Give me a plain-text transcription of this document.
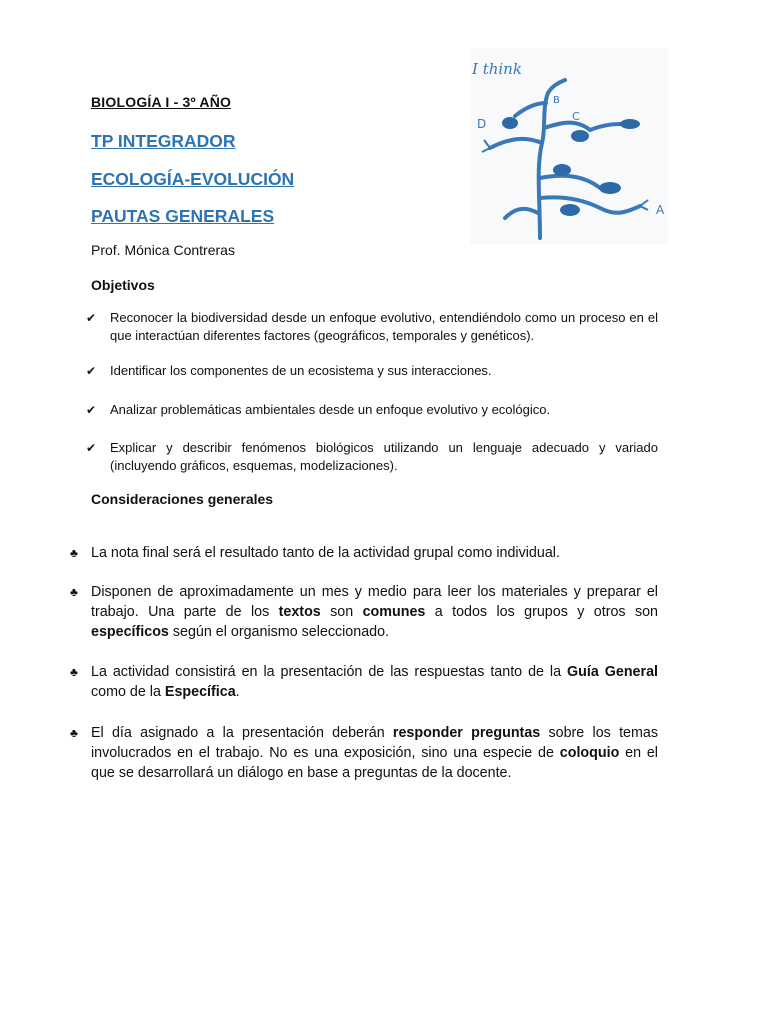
BIOLOGÍA I - 3º AÑO
TP INTEGRADOR
ECOLOGÍA-EVOLUCIÓN
PAUTAS GENERALES
Prof. Mónica Contreras
I think
D
C
B
A
Objetivos
✔ Reconocer la biodiversidad desde un enfoque evolutivo, entendiéndolo como un proceso en el que interactúan diferentes factores (geográficos, temporales y genéticos).
✔ Identificar los componentes de un ecosistema y sus interacciones.
✔ Analizar problemáticas ambientales desde un enfoque evolutivo y ecológico.
✔ Explicar y describir fenómenos biológicos utilizando un lenguaje adecuado y variado (incluyendo gráficos, esquemas, modelizaciones).
Consideraciones generales
♣ La nota final será el resultado tanto de la actividad grupal como individual.
♣ Disponen de aproximadamente un mes y medio para leer los materiales y preparar el trabajo. Una parte de los textos son comunes a todos los grupos y otros son específicos según el organismo seleccionado.
♣ La actividad consistirá en la presentación de las respuestas tanto de la Guía General como de la Específica.
♣ El día asignado a la presentación deberán responder preguntas sobre los temas involucrados en el trabajo. No es una exposición, sino una especie de coloquio en el que se desarrollará un diálogo en base a preguntas de la docente.
